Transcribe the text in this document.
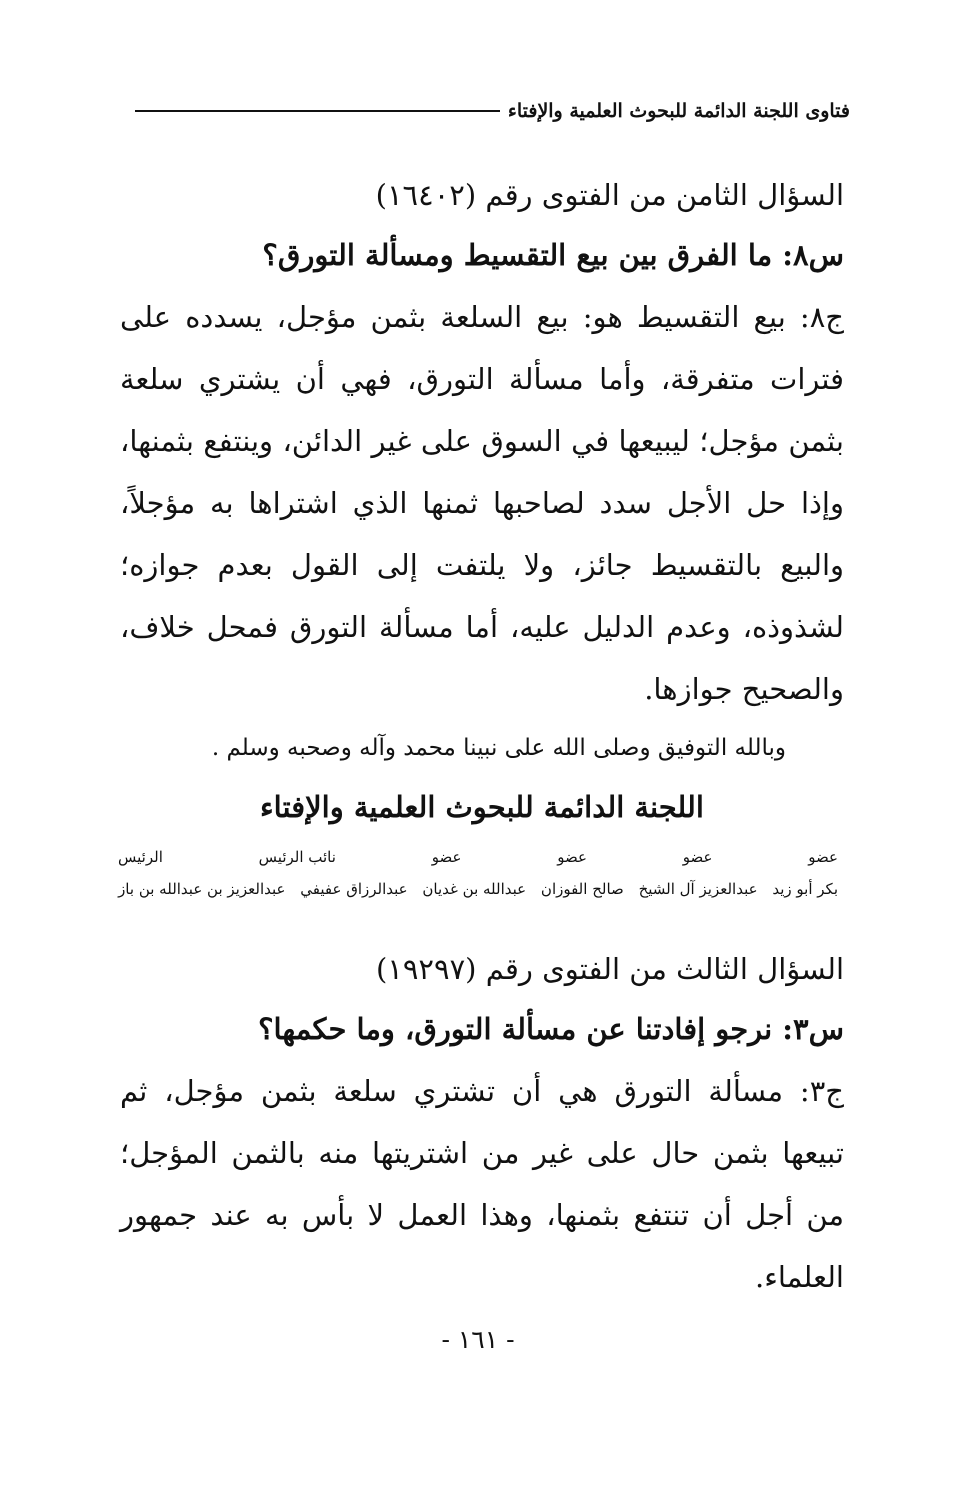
فتاوى اللجنة الدائمة للبحوث العلمية والإفتاء
السؤال الثامن من الفتوى رقم (١٦٤٠٢)
س٨: ما الفرق بين بيع التقسيط ومسألة التورق؟
ج٨: بيع التقسيط هو: بيع السلعة بثمن مؤجل، يسدده على فترات متفرقة، وأما مسألة التورق، فهي أن يشتري سلعة بثمن مؤجل؛ ليبيعها في السوق على غير الدائن، وينتفع بثمنها، وإذا حل الأجل سدد لصاحبها ثمنها الذي اشتراها به مؤجلاً، والبيع بالتقسيط جائز، ولا يلتفت إلى القول بعدم جوازه؛ لشذوذه، وعدم الدليل عليه، أما مسألة التورق فمحل خلاف، والصحيح جوازها.
وبالله التوفيق وصلى الله على نبينا محمد وآله وصحبه وسلم .
اللجنة الدائمة للبحوث العلمية والإفتاء
عضو
عضو
عضو
عضو
نائب الرئيس
الرئيس
بكر أبو زيد
عبدالعزيز آل الشيخ
صالح الفوزان
عبدالله بن غديان
عبدالرزاق عفيفي
عبدالعزيز بن عبدالله بن باز
السؤال الثالث من الفتوى رقم (١٩٢٩٧)
س٣: نرجو إفادتنا عن مسألة التورق، وما حكمها؟
ج٣: مسألة التورق هي أن تشتري سلعة بثمن مؤجل، ثم تبيعها بثمن حال على غير من اشتريتها منه بالثمن المؤجل؛ من أجل أن تنتفع بثمنها، وهذا العمل لا بأس به عند جمهور العلماء.
- ١٦١ -
